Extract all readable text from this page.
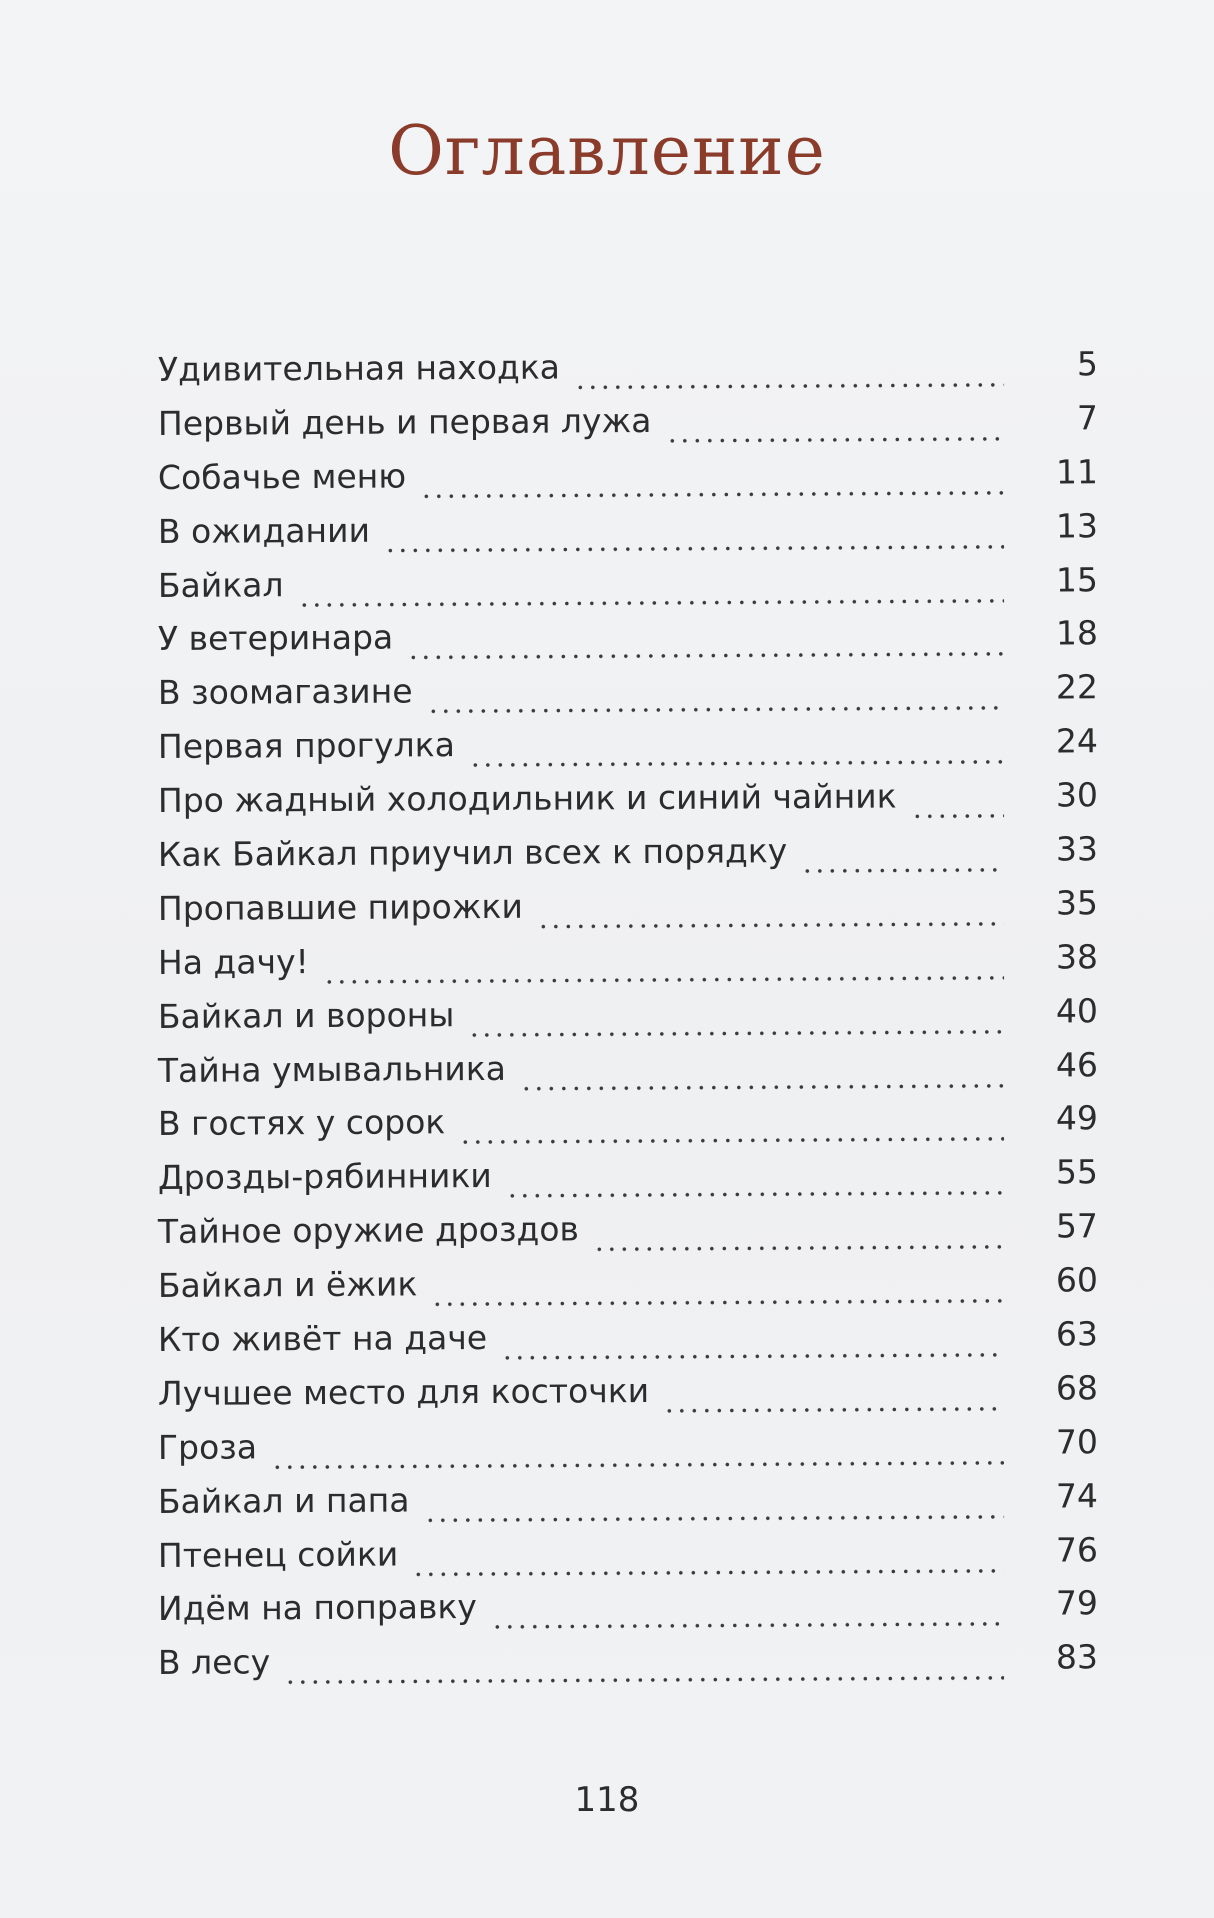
Оглавление
Удивительная находка	5
Первый день и первая лужа	7
Собачье меню	11
В ожидании	13
Байкал	15
У ветеринара	18
В зоомагазине	22
Первая прогулка	24
Про жадный холодильник и синий чайник	30
Как Байкал приучил всех к порядку	33
Пропавшие пирожки	35
На дачу!	38
Байкал и вороны	40
Тайна умывальника	46
В гостях у сорок	49
Дрозды-рябинники	55
Тайное оружие дроздов	57
Байкал и ёжик	60
Кто живёт на даче	63
Лучшее место для косточки	68
Гроза	70
Байкал и папа	74
Птенец сойки	76
Идём на поправку	79
В лесу	83
118
